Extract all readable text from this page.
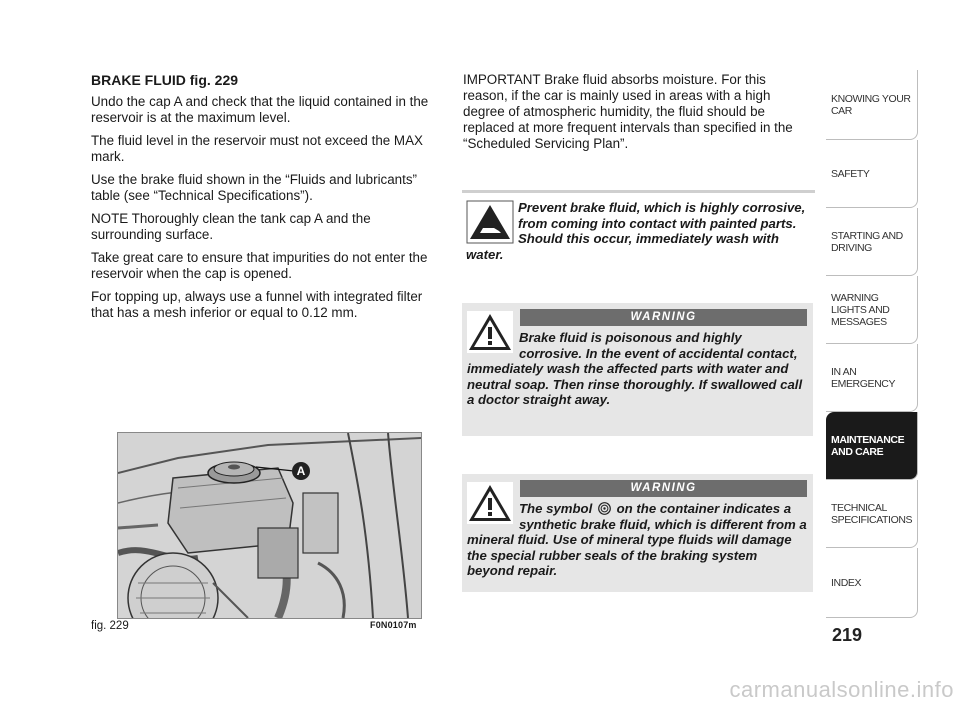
BRAKE FLUID fig. 229

Undo the cap A and check that the liquid contained in the reservoir is at the maximum level.

The fluid level in the reservoir must not exceed the MAX mark.

Use the brake fluid shown in the “Fluids and lubricants” table (see “Technical Specifications”).

NOTE Thoroughly clean the tank cap A and the surrounding surface.

Take great care to ensure that impurities do not enter the reservoir when the cap is opened.

For topping up, always use a funnel with integrated filter that has a mesh inferior or equal to 0.12 mm.

A
fig. 229	F0N0107m
IMPORTANT Brake fluid absorbs moisture. For this reason, if the car is mainly used in areas with a high degree of atmospheric humidity, the fluid should be replaced at more frequent intervals than specified in the “Scheduled Servicing Plan”.
Prevent brake fluid, which is highly corrosive, from coming into contact with painted parts. Should this occur, immediately wash with water.
WARNING
Brake fluid is poisonous and highly corrosive. In the event of accidental contact, immediately wash the affected parts with water and neutral soap. Then rinse thoroughly. If swallowed call a doctor straight away.
WARNING
The symbol on the container indicates a synthetic brake fluid, which is different from a mineral fluid. Use of mineral type fluids will damage the special rubber seals of the braking system beyond repair.
KNOWING YOUR CAR
SAFETY
STARTING AND DRIVING
WARNING LIGHTS AND MESSAGES
IN AN EMERGENCY
MAINTENANCE AND CARE
TECHNICAL SPECIFICATIONS
INDEX
219
carmanualsonline.info
